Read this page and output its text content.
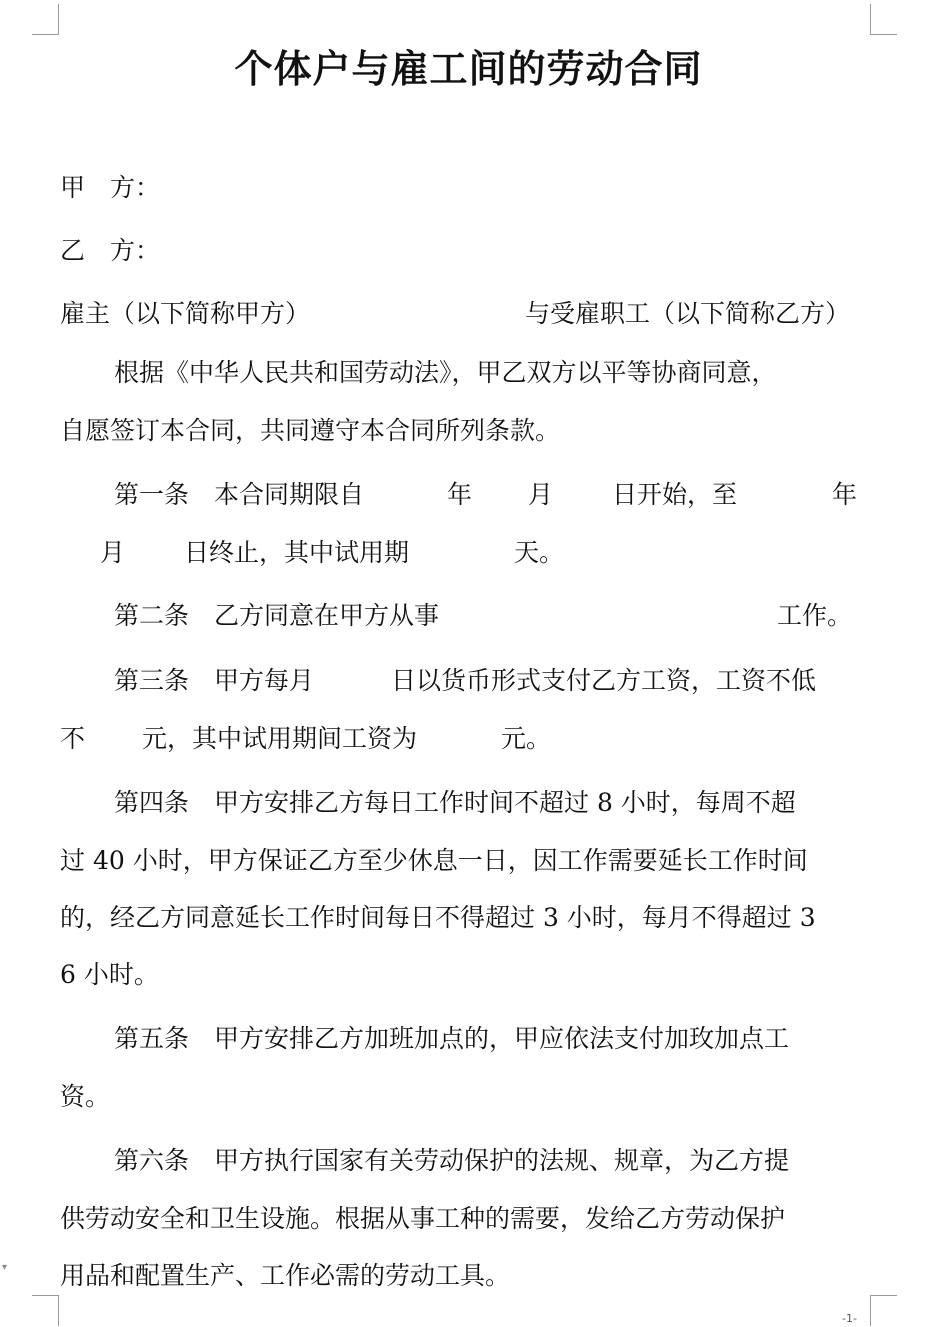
▾
个体户与雇工间的劳动合同
甲　方：
乙　方：
雇主（以下简称甲方）	与受雇职工（以下简称乙方）
根据《中华人民共和国劳动法》，甲乙双方以平等协商同意，
自愿签订本合同，共同遵守本合同所列条款。
第一条　本合同期限自	年 月 日开始，至	年
月 日终止，其中试用期	天。
第二条　乙方同意在甲方从事	工作。
第三条　甲方每月	日以货币形式支付乙方工资，工资不低
不 元，其中试用期间工资为	元。
第四条　甲方安排乙方每日工作时间不超过 8 小时，每周不超
过 40 小时，甲方保证乙方至少休息一日，因工作需要延长工作时间
的，经乙方同意延长工作时间每日不得超过 3 小时，每月不得超过 3
6 小时。
第五条　甲方安排乙方加班加点的，甲应依法支付加玫加点工
资。
第六条　甲方执行国家有关劳动保护的法规、规章，为乙方提
供劳动安全和卫生设施。根据从事工种的需要，发给乙方劳动保护
用品和配置生产、工作必需的劳动工具。
-1-
